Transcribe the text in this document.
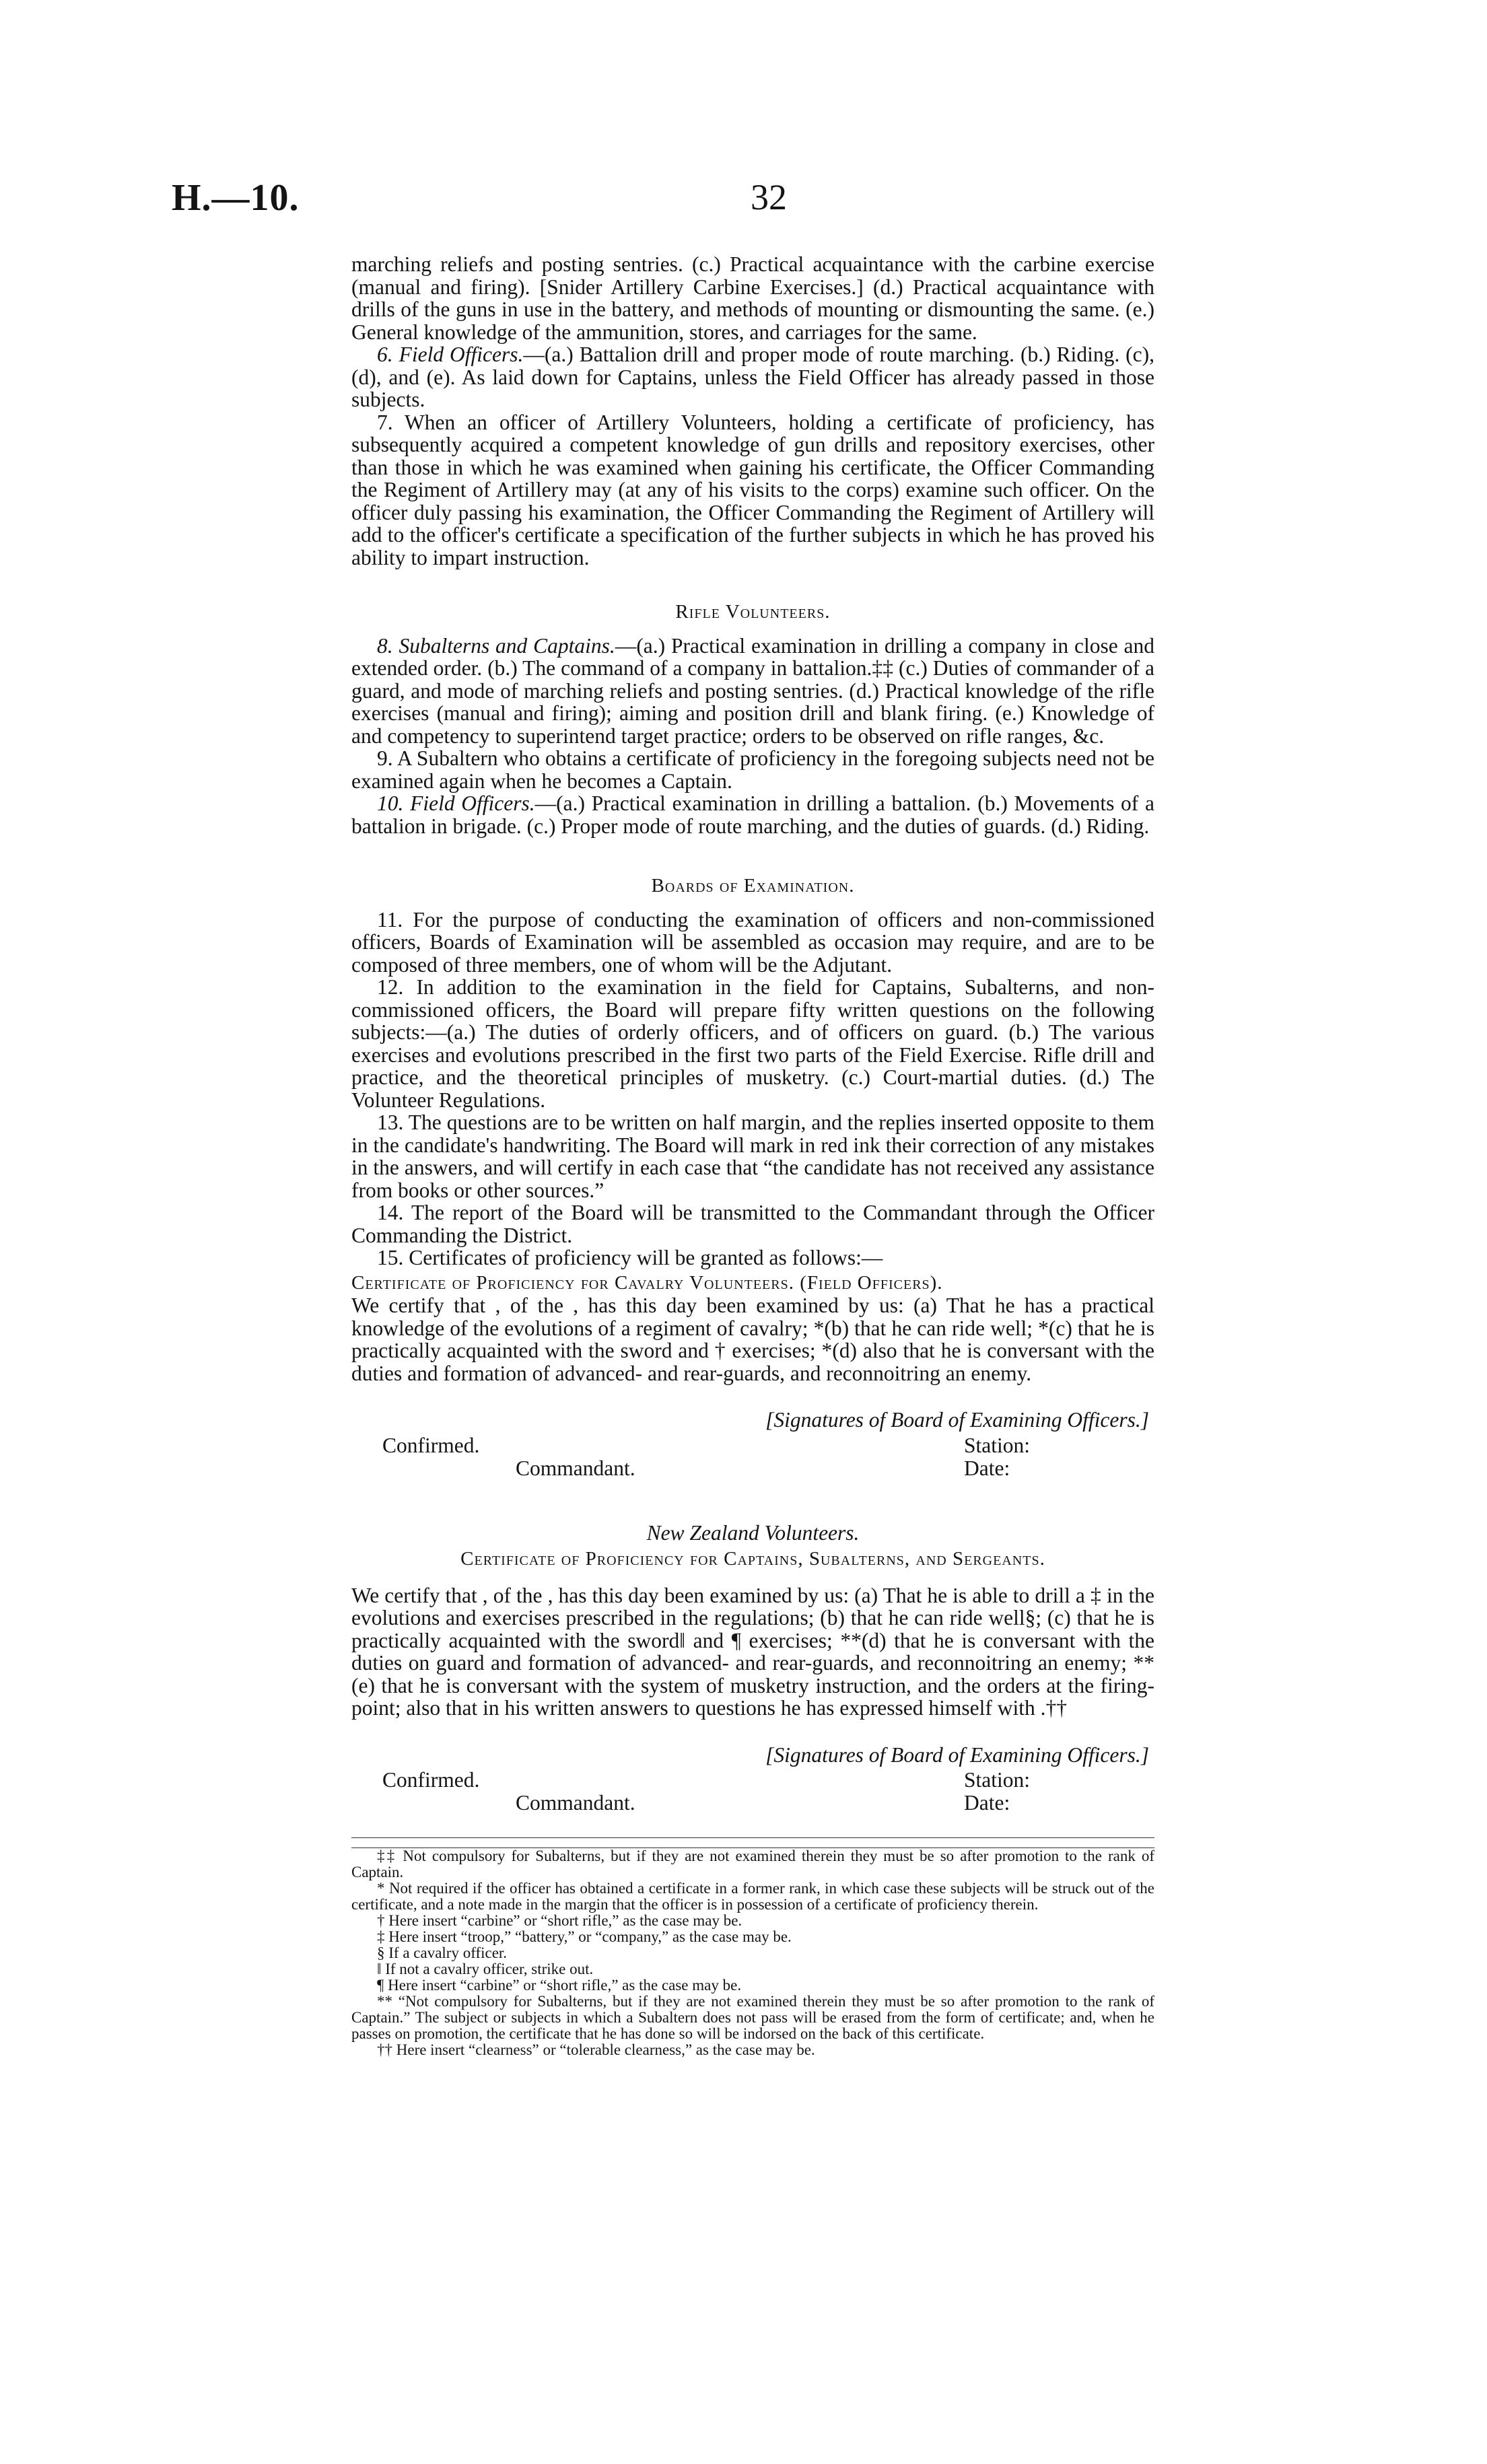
H.—10.	32

marching reliefs and posting sentries. (c.) Practical acquaintance with the carbine exercise (manual and firing). [Snider Artillery Carbine Exercises.] (d.) Practical acquaintance with drills of the guns in use in the battery, and methods of mounting or dismounting the same. (e.) General knowledge of the ammunition, stores, and carriages for the same.

6. Field Officers.—(a.) Battalion drill and proper mode of route marching. (b.) Riding. (c), (d), and (e). As laid down for Captains, unless the Field Officer has already passed in those subjects.

7. When an officer of Artillery Volunteers, holding a certificate of proficiency, has subsequently acquired a competent knowledge of gun drills and repository exercises, other than those in which he was examined when gaining his certificate, the Officer Commanding the Regiment of Artillery may (at any of his visits to the corps) examine such officer. On the officer duly passing his examination, the Officer Commanding the Regiment of Artillery will add to the officer's certificate a specification of the further subjects in which he has proved his ability to impart instruction.

Rifle Volunteers.

8. Subalterns and Captains.—(a.) Practical examination in drilling a company in close and extended order. (b.) The command of a company in battalion.‡‡ (c.) Duties of commander of a guard, and mode of marching reliefs and posting sentries. (d.) Practical knowledge of the rifle exercises (manual and firing); aiming and position drill and blank firing. (e.) Knowledge of and competency to superintend target practice; orders to be observed on rifle ranges, &c.

9. A Subaltern who obtains a certificate of proficiency in the foregoing subjects need not be examined again when he becomes a Captain.

10. Field Officers.—(a.) Practical examination in drilling a battalion. (b.) Movements of a battalion in brigade. (c.) Proper mode of route marching, and the duties of guards. (d.) Riding.

Boards of Examination.

11. For the purpose of conducting the examination of officers and non-commissioned officers, Boards of Examination will be assembled as occasion may require, and are to be composed of three members, one of whom will be the Adjutant.

12. In addition to the examination in the field for Captains, Subalterns, and non-commissioned officers, the Board will prepare fifty written questions on the following subjects:—(a.) The duties of orderly officers, and of officers on guard. (b.) The various exercises and evolutions prescribed in the first two parts of the Field Exercise. Rifle drill and practice, and the theoretical principles of musketry. (c.) Court-martial duties. (d.) The Volunteer Regulations.

13. The questions are to be written on half margin, and the replies inserted opposite to them in the candidate's handwriting. The Board will mark in red ink their correction of any mistakes in the answers, and will certify in each case that “the candidate has not received any assistance from books or other sources.”

14. The report of the Board will be transmitted to the Commandant through the Officer Commanding the District.

15. Certificates of proficiency will be granted as follows:—

Certificate of Proficiency for Cavalry Volunteers. (Field Officers).

We certify that , of the , has this day been examined by us: (a) That he has a practical knowledge of the evolutions of a regiment of cavalry; *(b) that he can ride well; *(c) that he is practically acquainted with the sword and † exercises; *(d) also that he is conversant with the duties and formation of advanced- and rear-guards, and reconnoitring an enemy.

[Signatures of Board of Examining Officers.]
Confirmed.
Commandant.
Station:
Date:
New Zealand Volunteers.
Certificate of Proficiency for Captains, Subalterns, and Sergeants.

We certify that , of the , has this day been examined by us: (a) That he is able to drill a ‡ in the evolutions and exercises prescribed in the regulations; (b) that he can ride well§; (c) that he is practically acquainted with the sword‖ and ¶ exercises; **(d) that he is conversant with the duties on guard and formation of advanced- and rear-guards, and reconnoitring an enemy; **(e) that he is conversant with the system of musketry instruction, and the orders at the firing-point; also that in his written answers to questions he has expressed himself with .††

[Signatures of Board of Examining Officers.]
Confirmed.
Commandant.
Station:
Date:

‡‡ Not compulsory for Subalterns, but if they are not examined therein they must be so after promotion to the rank of Captain.

* Not required if the officer has obtained a certificate in a former rank, in which case these subjects will be struck out of the certificate, and a note made in the margin that the officer is in possession of a certificate of proficiency therein.

† Here insert “carbine” or “short rifle,” as the case may be.

‡ Here insert “troop,” “battery,” or “company,” as the case may be.

§ If a cavalry officer.

‖ If not a cavalry officer, strike out.

¶ Here insert “carbine” or “short rifle,” as the case may be.

** “Not compulsory for Subalterns, but if they are not examined therein they must be so after promotion to the rank of Captain.” The subject or subjects in which a Subaltern does not pass will be erased from the form of certificate; and, when he passes on promotion, the certificate that he has done so will be indorsed on the back of this certificate.

†† Here insert “clearness” or “tolerable clearness,” as the case may be.
